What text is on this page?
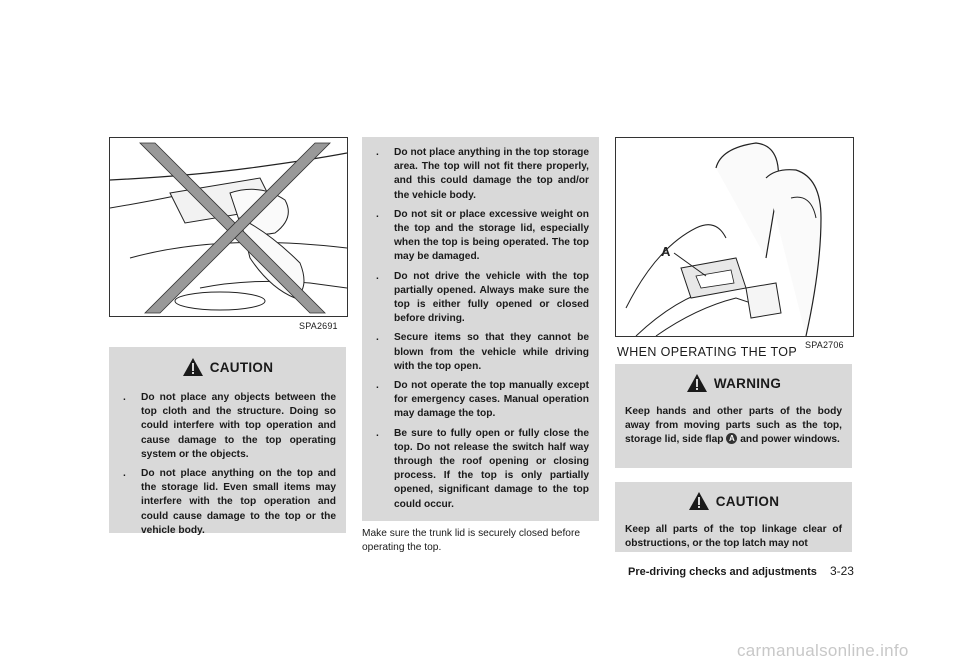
SPA2691
CAUTION
. Do not place any objects between the top cloth and the structure. Doing so could interfere with top operation and cause damage to the top operating system or the objects.
. Do not place anything on the top and the storage lid. Even small items may interfere with the top operation and could cause damage to the top or the vehicle body.
. Do not place anything in the top storage area. The top will not fit there properly, and this could damage the top and/or the vehicle body.
. Do not sit or place excessive weight on the top and the storage lid, especially when the top is being operated. The top may be damaged.
. Do not drive the vehicle with the top partially opened. Always make sure the top is either fully opened or closed before driving.
. Secure items so that they cannot be blown from the vehicle while driving with the top open.
. Do not operate the top manually except for emergency cases. Manual operation may damage the top.
. Be sure to fully open or fully close the top. Do not release the switch half way through the roof opening or closing process. If the top is only partially opened, significant damage to the top could occur.
Make sure the trunk lid is securely closed before operating the top.
A
SPA2706
WHEN OPERATING THE TOP
WARNING
Keep hands and other parts of the body away from moving parts such as the top, storage lid, side flap A and power windows.
CAUTION
Keep all parts of the top linkage clear of obstructions, or the top latch may not
Pre-driving checks and adjustments 3-23
carmanualsonline.info
